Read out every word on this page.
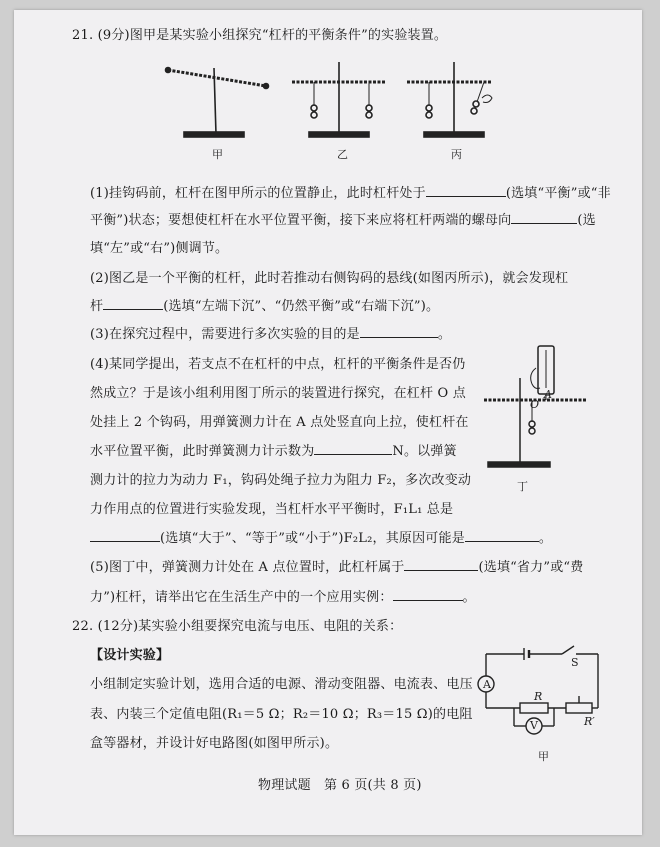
21. (9分)图甲是某实验小组探究“杠杆的平衡条件”的实验装置。
甲	乙	丙
(1)挂钩码前，杠杆在图甲所示的位置静止，此时杠杆处于	(选填“平衡”或“非
平衡”)状态；要想使杠杆在水平位置平衡，接下来应将杠杆两端的螺母向	(选
填“左”或“右”)侧调节。
(2)图乙是一个平衡的杠杆，此时若推动右侧钩码的悬线(如图丙所示)，就会发现杠
杆	(选填“左端下沉”、“仍然平衡”或“右端下沉”)。
(3)在探究过程中，需要进行多次实验的目的是	。
(4)某同学提出，若支点不在杠杆的中点，杠杆的平衡条件是否仍
然成立？于是该小组利用图丁所示的装置进行探究，在杠杆 O 点
处挂上 2 个钩码，用弹簧测力计在 A 点处竖直向上拉，使杠杆在
水平位置平衡，此时弹簧测力计示数为	N。以弹簧
测力计的拉力为动力 F₁，钩码处绳子拉力为阻力 F₂，多次改变动
力作用点的位置进行实验发现，当杠杆水平平衡时，F₁L₁ 总是
(选填“大于”、“等于”或“小于”)F₂L₂，其原因可能是	。
O
A
丁
(5)图丁中，弹簧测力计处在 A 点位置时，此杠杆属于	(选填“省力”或“费
力”)杠杆，请举出它在生活生产中的一个应用实例：	。
22. (12分)某实验小组要探究电流与电压、电阻的关系：
【设计实验】
小组制定实验计划，选用合适的电源、滑动变阻器、电流表、电压
表、内装三个定值电阻(R₁＝5 Ω；R₂＝10 Ω；R₃＝15 Ω)的电阻
盒等器材，并设计好电路图(如图甲所示)。
A
V
S
R
R′
甲
物理试题　第 6 页(共 8 页)
